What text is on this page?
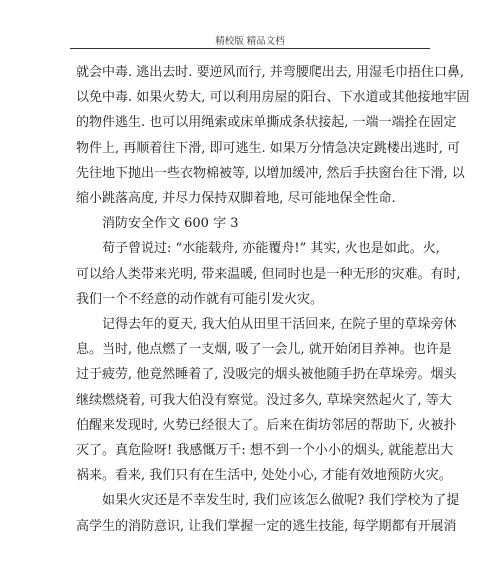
精校版 精品文档

就会中毒. 逃出去时. 要逆风而行, 并弯腰爬出去, 用湿毛巾捂住口鼻,
以免中毒. 如果火势大, 可以利用房屋的阳台、下水道或其他接地牢固
的物件逃生. 也可以用绳索或床单撕成条状接起, 一端一端拴在固定
物件上, 再顺着往下滑, 即可逃生. 如果万分情急决定跳楼出逃时, 可
先往地下抛出一些衣物棉被等, 以增加缓冲, 然后手扶窗台往下滑, 以
缩小跳落高度, 并尽力保持双脚着地, 尽可能地保全性命.

消防安全作文 600 字 3

荀子曾说过: “水能载舟, 亦能覆舟!” 其实, 火也是如此。火,
可以给人类带来光明, 带来温暖, 但同时也是一种无形的灾难。有时,
我们一个不经意的动作就有可能引发火灾。

记得去年的夏天, 我大伯从田里干活回来, 在院子里的草垛旁休
息。当时, 他点燃了一支烟, 吸了一会儿, 就开始闭目养神。也许是
过于疲劳, 他竟然睡着了, 没吸完的烟头被他随手扔在草垛旁。烟头
继续燃烧着, 可我大伯没有察觉。没过多久, 草垛突然起火了, 等大
伯醒来发现时, 火势已经很大了。后来在街坊邻居的帮助下, 火被扑
灭了。真危险呀! 我感慨万千: 想不到一个小小的烟头, 就能惹出大
祸来。看来, 我们只有在生活中, 处处小心, 才能有效地预防火灾。

如果火灾还是不幸发生时, 我们应该怎么做呢? 我们学校为了提
高学生的消防意识, 让我们掌握一定的逃生技能, 每学期都有开展消
